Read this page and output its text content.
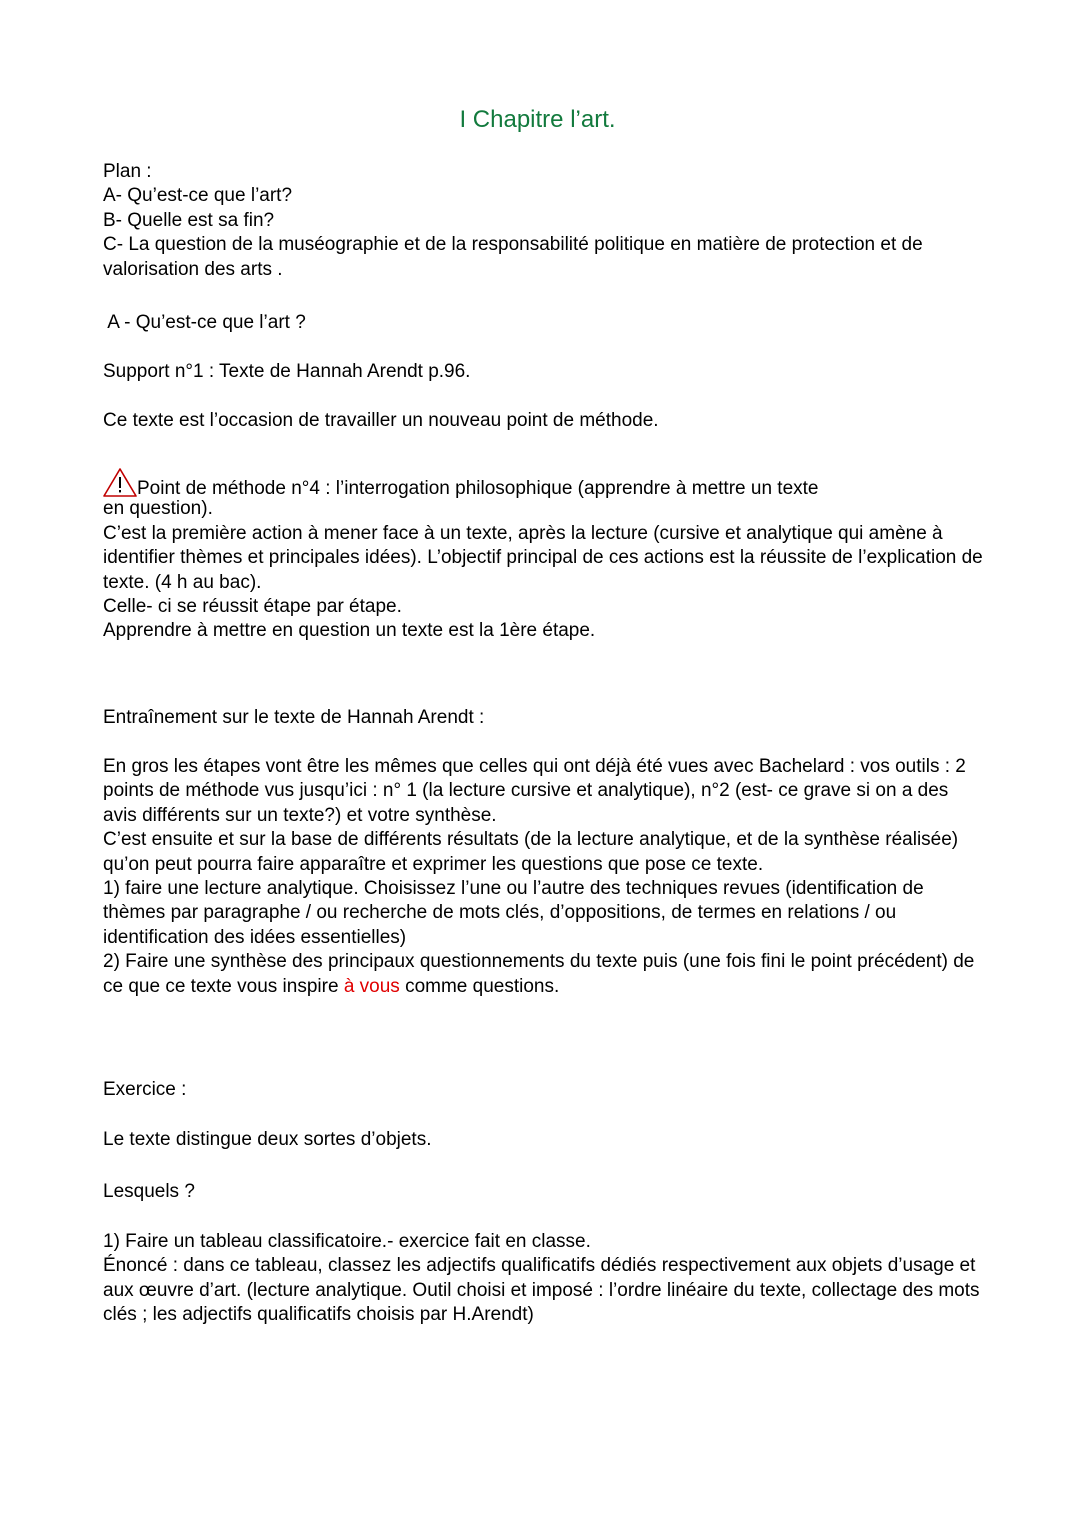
I Chapitre l’art.

Plan :

A- Qu’est-ce que l’art?

B- Quelle est sa fin?

C- La question de la muséographie et de la responsabilité politique en matière de protection et de valorisation des arts .

A - Qu’est-ce que l’art ?
Support n°1 : Texte de Hannah Arendt p.96.
Ce texte est l’occasion de travailler un nouveau point de méthode.

Point de méthode n°4 : l’interrogation philosophique (apprendre à mettre un texte

en question).

C’est la première action à mener face à un texte, après la lecture (cursive et analytique qui amène à identifier thèmes et principales idées). L’objectif principal de ces actions est la réussite de l’explication de texte. (4 h au bac).

Celle- ci se réussit étape par étape.

Apprendre à mettre en question un texte est la 1ère étape.

Entraînement sur le texte de Hannah Arendt :

En gros les étapes vont être les mêmes que celles qui ont déjà été vues avec Bachelard : vos outils : 2 points de méthode vus jusqu’ici : n° 1 (la lecture cursive et analytique), n°2 (est- ce grave si on a des avis différents sur un texte?) et votre synthèse.

C’est ensuite et sur la base de différents résultats (de la lecture analytique, et de la synthèse réalisée) qu’on peut pourra faire apparaître et exprimer les questions que pose ce texte.

1) faire une lecture analytique. Choisissez l’une ou l’autre des techniques revues (identification de thèmes par paragraphe / ou recherche de mots clés, d’oppositions, de termes en relations / ou identification des idées essentielles)

2) Faire une synthèse des principaux questionnements du texte puis (une fois fini le point précédent) de ce que ce texte vous inspire à vous comme questions.

Exercice :
Le texte distingue deux sortes d’objets.
Lesquels ?

1) Faire un tableau classificatoire.- exercice fait en classe.

Énoncé : dans ce tableau, classez les adjectifs qualificatifs dédiés respectivement aux objets d’usage et aux œuvre d’art. (lecture analytique. Outil choisi et imposé : l’ordre linéaire du texte, collectage des mots clés ; les adjectifs qualificatifs choisis par H.Arendt)
